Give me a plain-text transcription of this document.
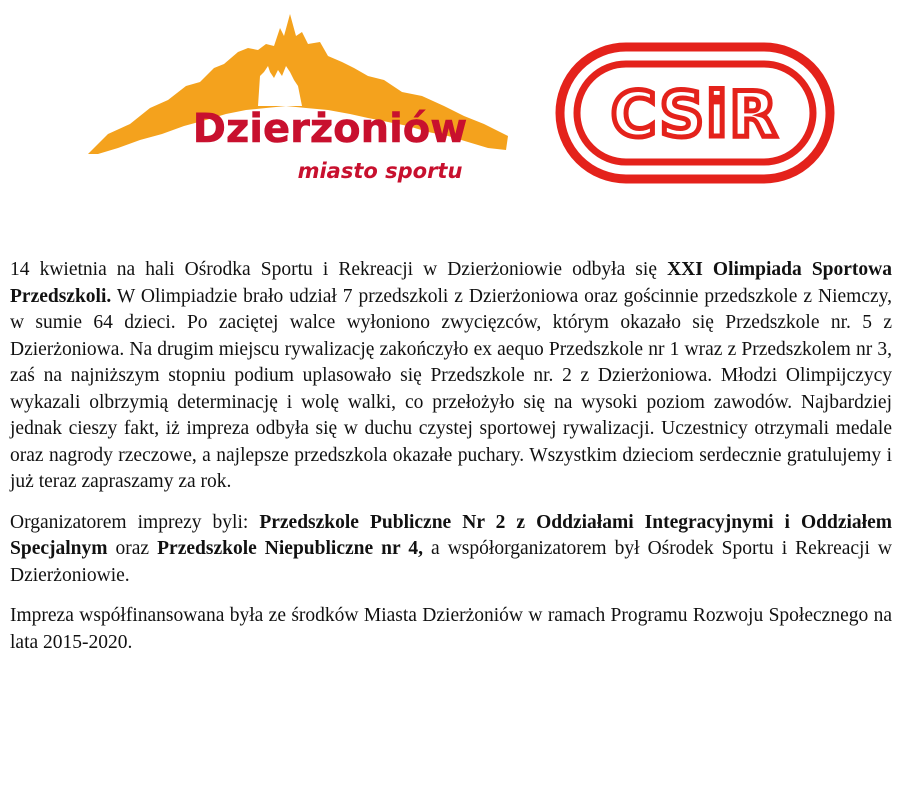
Dzierżoniów
miasto sportu
CSiR

14 kwietnia na hali Ośrodka Sportu i Rekreacji w Dzierżoniowie odbyła się XXI Olimpiada Sportowa Przedszkoli. W Olimpiadzie brało udział 7 przedszkoli z Dzierżoniowa oraz gościnnie przedszkole z Niemczy, w sumie 64 dzieci. Po zaciętej walce wyłoniono zwycięzców, którym okazało się Przedszkole nr. 5 z Dzierżoniowa. Na drugim miejscu rywalizację zakończyło ex aequo Przedszkole nr 1 wraz z Przedszkolem nr 3, zaś na najniższym stopniu podium uplasowało się Przedszkole nr. 2 z Dzierżoniowa. Młodzi Olimpijczycy wykazali olbrzymią determinację i wolę walki, co przełożyło się na wysoki poziom zawodów. Najbardziej jednak cieszy fakt, iż impreza odbyła się w duchu czystej sportowej rywalizacji. Uczestnicy otrzymali medale oraz nagrody rzeczowe, a najlepsze przedszkola okazałe puchary. Wszystkim dzieciom serdecznie gratulujemy i już teraz zapraszamy za rok.

Organizatorem imprezy byli: Przedszkole Publiczne Nr 2 z Oddziałami Integracyjnymi i Oddziałem Specjalnym oraz Przedszkole Niepubliczne nr 4, a współorganizatorem był Ośrodek Sportu i Rekreacji w Dzierżoniowie.

Impreza współfinansowana była ze środków Miasta Dzierżoniów w ramach Programu Rozwoju Społecznego na lata 2015-2020.
